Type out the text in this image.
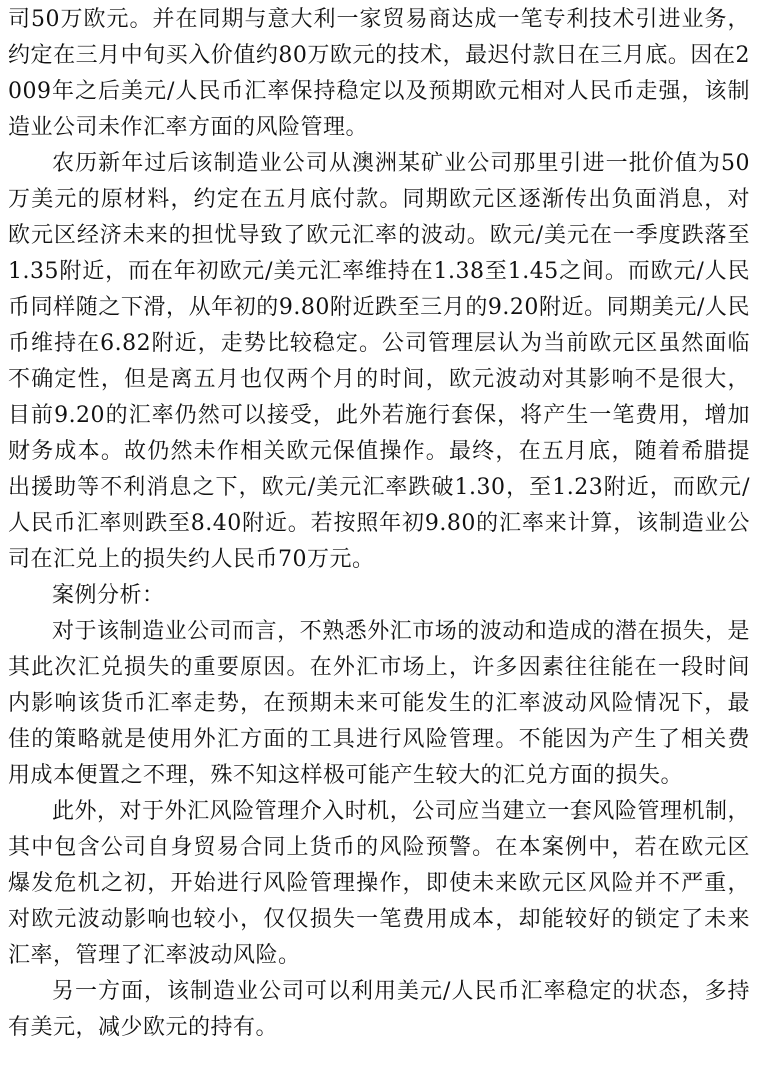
司50万欧元。并在同期与意大利一家贸易商达成一笔专利技术引进业务，约定在三月中旬买入价值约80万欧元的技术，最迟付款日在三月底。因在2009年之后美元/人民币汇率保持稳定以及预期欧元相对人民币走强，该制造业公司未作汇率方面的风险管理。

农历新年过后该制造业公司从澳洲某矿业公司那里引进一批价值为50万美元的原材料，约定在五月底付款。同期欧元区逐渐传出负面消息，对欧元区经济未来的担忧导致了欧元汇率的波动。欧元/美元在一季度跌落至1.35附近，而在年初欧元/美元汇率维持在1.38至1.45之间。而欧元/人民币同样随之下滑，从年初的9.80附近跌至三月的9.20附近。同期美元/人民币维持在6.82附近，走势比较稳定。公司管理层认为当前欧元区虽然面临不确定性，但是离五月也仅两个月的时间，欧元波动对其影响不是很大，目前9.20的汇率仍然可以接受，此外若施行套保，将产生一笔费用，增加财务成本。故仍然未作相关欧元保值操作。最终，在五月底，随着希腊提出援助等不利消息之下，欧元/美元汇率跌破1.30，至1.23附近，而欧元/人民币汇率则跌至8.40附近。若按照年初9.80的汇率来计算，该制造业公司在汇兑上的损失约人民币70万元。

案例分析：

对于该制造业公司而言，不熟悉外汇市场的波动和造成的潜在损失，是其此次汇兑损失的重要原因。在外汇市场上，许多因素往往能在一段时间内影响该货币汇率走势，在预期未来可能发生的汇率波动风险情况下，最佳的策略就是使用外汇方面的工具进行风险管理。不能因为产生了相关费用成本便置之不理，殊不知这样极可能产生较大的汇兑方面的损失。

此外，对于外汇风险管理介入时机，公司应当建立一套风险管理机制，其中包含公司自身贸易合同上货币的风险预警。在本案例中，若在欧元区爆发危机之初，开始进行风险管理操作，即使未来欧元区风险并不严重，对欧元波动影响也较小，仅仅损失一笔费用成本，却能较好的锁定了未来汇率，管理了汇率波动风险。

另一方面，该制造业公司可以利用美元/人民币汇率稳定的状态，多持有美元，减少欧元的持有。
